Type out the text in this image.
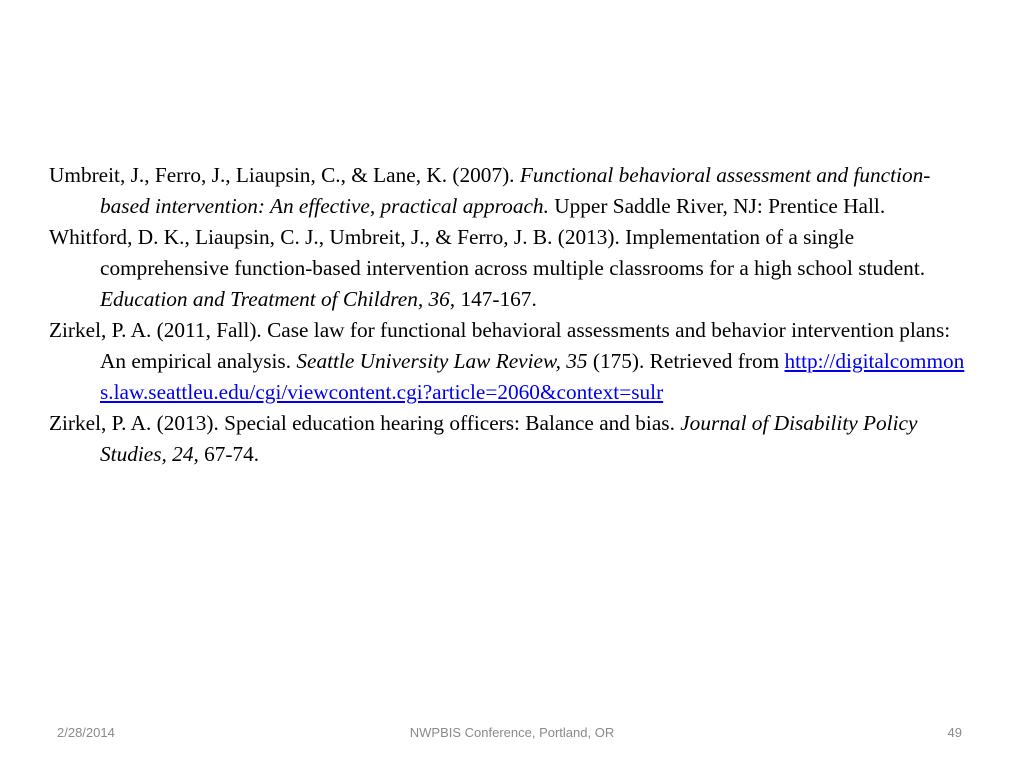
Umbreit, J., Ferro, J., Liaupsin, C., & Lane, K. (2007). Functional behavioral assessment and function-based intervention: An effective, practical approach. Upper Saddle River, NJ: Prentice Hall.

Whitford, D. K., Liaupsin, C. J., Umbreit, J., & Ferro, J. B. (2013). Implementation of a single comprehensive function-based intervention across multiple classrooms for a high school student. Education and Treatment of Children, 36, 147-167.

Zirkel, P. A. (2011, Fall). Case law for functional behavioral assessments and behavior intervention plans: An empirical analysis. Seattle University Law Review, 35 (175). Retrieved from http://digitalcommons.law.seattleu.edu/cgi/viewcontent.cgi?article=2060&context=sulr

Zirkel, P. A. (2013). Special education hearing officers: Balance and bias. Journal of Disability Policy Studies, 24, 67-74.

2/28/2014	NWPBIS Conference, Portland, OR	49
